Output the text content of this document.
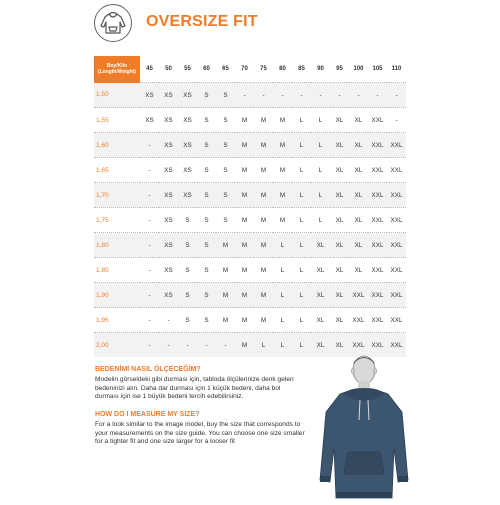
OVERSIZE FIT
Boy/Kilo
(Length/Weight)	45	50	55	60	65	70	75	80	85	90	95	100	105	110
1,50	XS	XS	XS	S	S	-	-	-	-	-	-	-	-	-
1,55	XS	XS	XS	S	S	M	M	M	L	L	XL	XL	XXL	-
1,60	-	XS	XS	S	S	M	M	M	L	L	XL	XL	XXL	XXL
1,65	-	XS	XS	S	S	M	M	M	L	L	XL	XL	XXL	XXL
1,70	-	XS	XS	S	S	M	M	M	L	L	XL	XL	XXL	XXL
1,75	-	XS	S	S	S	M	M	M	L	L	XL	XL	XXL	XXL
1,80	-	XS	S	S	M	M	M	L	L	XL	XL	XL	XXL	XXL
1,85	-	XS	S	S	M	M	M	L	L	XL	XL	XL	XXL	XXL
1,90	-	XS	S	S	M	M	M	L	L	XL	XL	XXL	XXL	XXL
1,95	-	-	S	S	M	M	M	L	L	XL	XL	XXL	XXL	XXL
2,00	-	-	-	-	-	M	L	L	L	XL	XL	XXL	XXL	XXL
BEDENİMİ NASIL ÖLÇECEĞİM?
Modelin görseldeki gibi durması için, tabloda ölçülerinize denk gelen bedeninizi alın. Daha dar durması için 1 küçük bedeni, daha bol durması için ise 1 büyük bedeni tercih edebilirsiniz.
HOW DO I MEASURE MY SIZE?
For a look similar to the image model, buy the size that corresponds to your measurements on the size guide. You can choose one size smaller for a tighter fit and one size larger for a looser fit
